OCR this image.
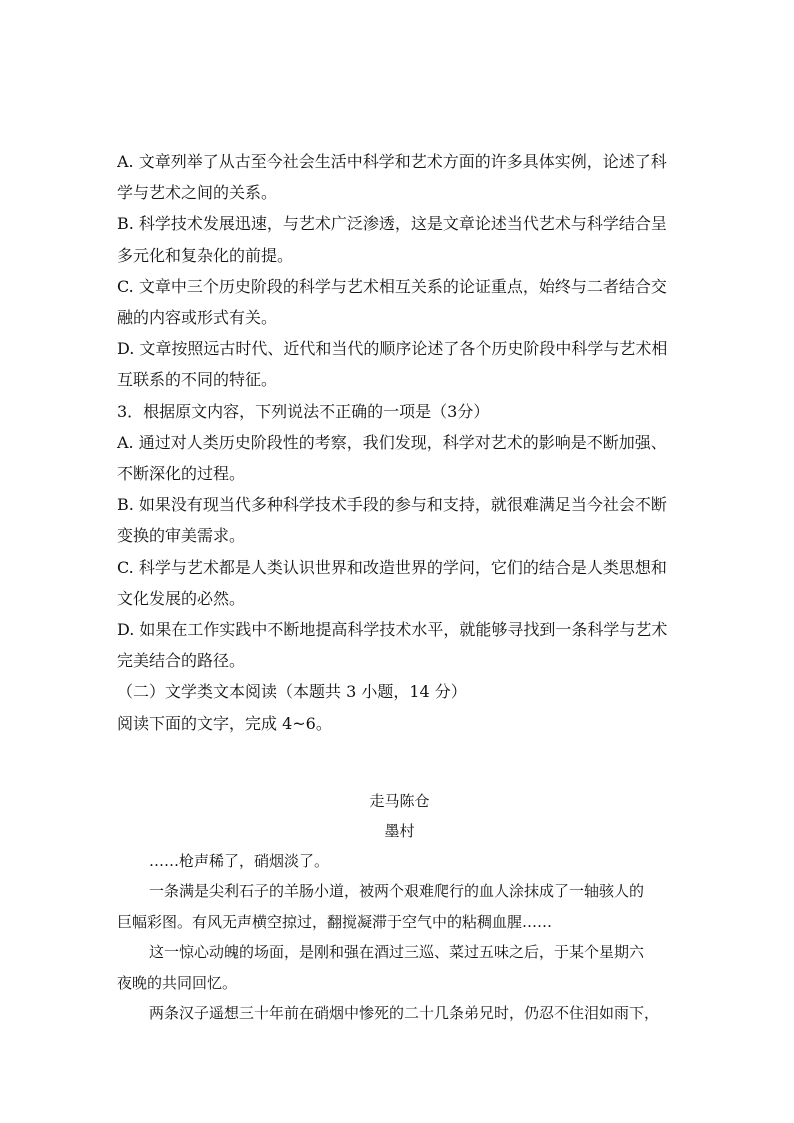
A. 文章列举了从古至今社会生活中科学和艺术方面的许多具体实例，论述了科

学与艺术之间的关系。

B. 科学技术发展迅速，与艺术广泛渗透，这是文章论述当代艺术与科学结合呈

多元化和复杂化的前提。

C. 文章中三个历史阶段的科学与艺术相互关系的论证重点，始终与二者结合交

融的内容或形式有关。

D. 文章按照远古时代、近代和当代的顺序论述了各个历史阶段中科学与艺术相

互联系的不同的特征。

3．根据原文内容，下列说法不正确的一项是（3分）

A. 通过对人类历史阶段性的考察，我们发现，科学对艺术的影响是不断加强、

不断深化的过程。

B. 如果没有现当代多种科学技术手段的参与和支持，就很难满足当今社会不断

变换的审美需求。

C. 科学与艺术都是人类认识世界和改造世界的学问，它们的结合是人类思想和

文化发展的必然。

D. 如果在工作实践中不断地提高科学技术水平，就能够寻找到一条科学与艺术

完美结合的路径。

（二）文学类文本阅读（本题共 3 小题，14 分）

阅读下面的文字，完成 4~6。

走马陈仓

墨村

……枪声稀了，硝烟淡了。

一条满是尖利石子的羊肠小道，被两个艰难爬行的血人涂抹成了一轴骇人的

巨幅彩图。有风无声横空掠过，翻搅凝滞于空气中的粘稠血腥……

这一惊心动魄的场面，是刚和强在酒过三巡、菜过五味之后，于某个星期六

夜晚的共同回忆。

两条汉子遥想三十年前在硝烟中惨死的二十几条弟兄时，仍忍不住泪如雨下，
